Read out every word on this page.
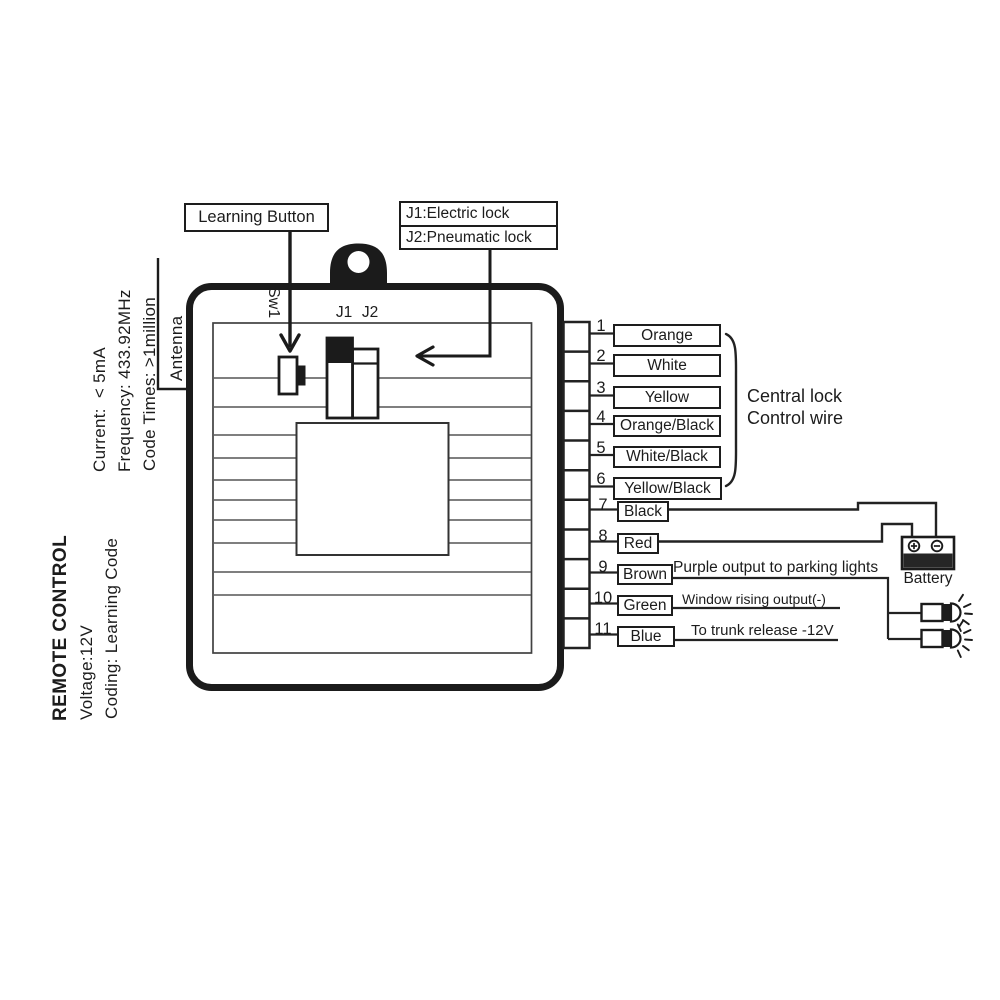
Current:  < 5mA Frequency: 433.92MHz Code Times: >1million Antenna
REMOTE CONTROL Voltage:12V Coding: Learning Code
Learning Button	J1:Electric lock
J2:Pneumatic lock
Sw1	J1 J2
1
2
3
4
5
6
7
8
9
10
11
Orange
White
Yellow
Orange/Black
White/Black
Yellow/Black
Black
Red
Brown
Green
Blue
Purple output to parking lights
Window rising output(-)
To trunk release -12V
Central lock
Control wire
Battery
